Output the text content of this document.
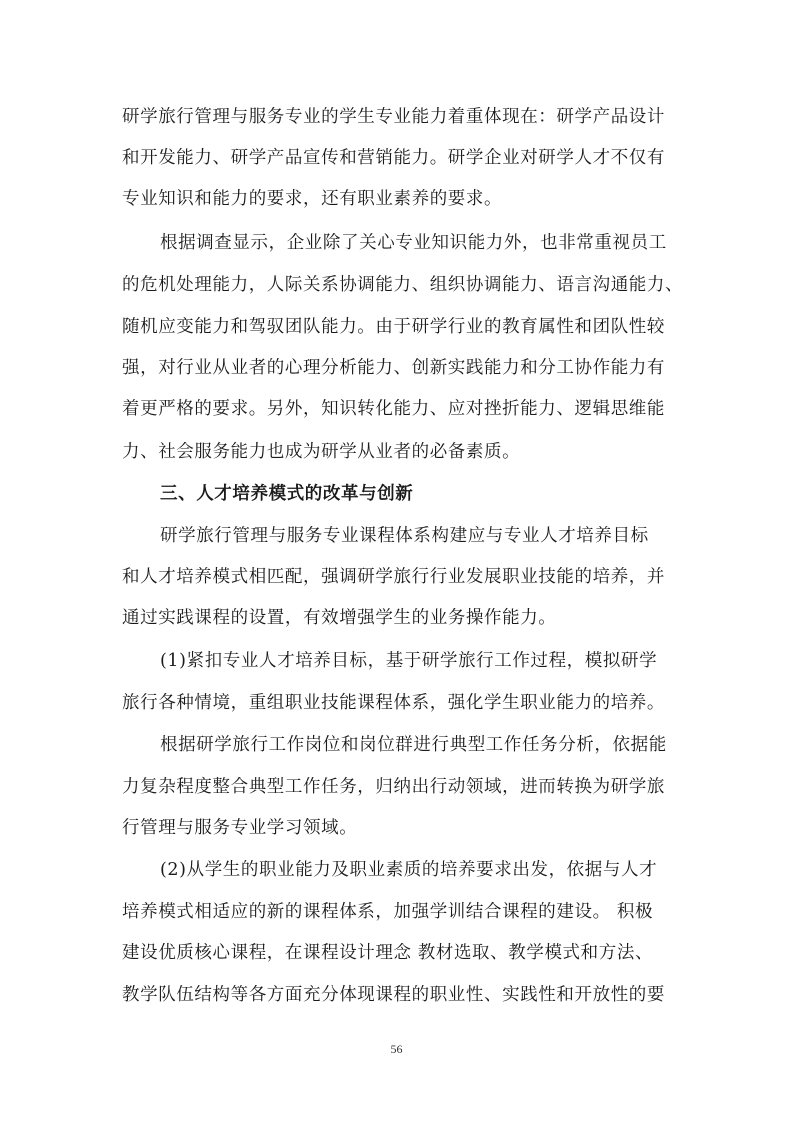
研学旅行管理与服务专业的学生专业能力着重体现在：研学产品设计
和开发能力、研学产品宣传和营销能力。研学企业对研学人才不仅有
专业知识和能力的要求，还有职业素养的要求。
根据调查显示，企业除了关心专业知识能力外，也非常重视员工
的危机处理能力，人际关系协调能力、组织协调能力、语言沟通能力、
随机应变能力和驾驭团队能力。由于研学行业的教育属性和团队性较
强，对行业从业者的心理分析能力、创新实践能力和分工协作能力有
着更严格的要求。另外，知识转化能力、应对挫折能力、逻辑思维能
力、社会服务能力也成为研学从业者的必备素质。
三、人才培养模式的改革与创新
研学旅行管理与服务专业课程体系构建应与专业人才培养目标
和人才培养模式相匹配，强调研学旅行行业发展职业技能的培养，并
通过实践课程的设置，有效增强学生的业务操作能力。
(1)紧扣专业人才培养目标，基于研学旅行工作过程，模拟研学
旅行各种情境，重组职业技能课程体系，强化学生职业能力的培养。
根据研学旅行工作岗位和岗位群进行典型工作任务分析，依据能
力复杂程度整合典型工作任务，归纳出行动领域，进而转换为研学旅
行管理与服务专业学习领域。
(2)从学生的职业能力及职业素质的培养要求出发，依据与人才
培养模式相适应的新的课程体系，加强学训结合课程的建设。 积极
建设优质核心课程，在课程设计理念 教材选取、教学模式和方法、
教学队伍结构等各方面充分体现课程的职业性、实践性和开放性的要
56
